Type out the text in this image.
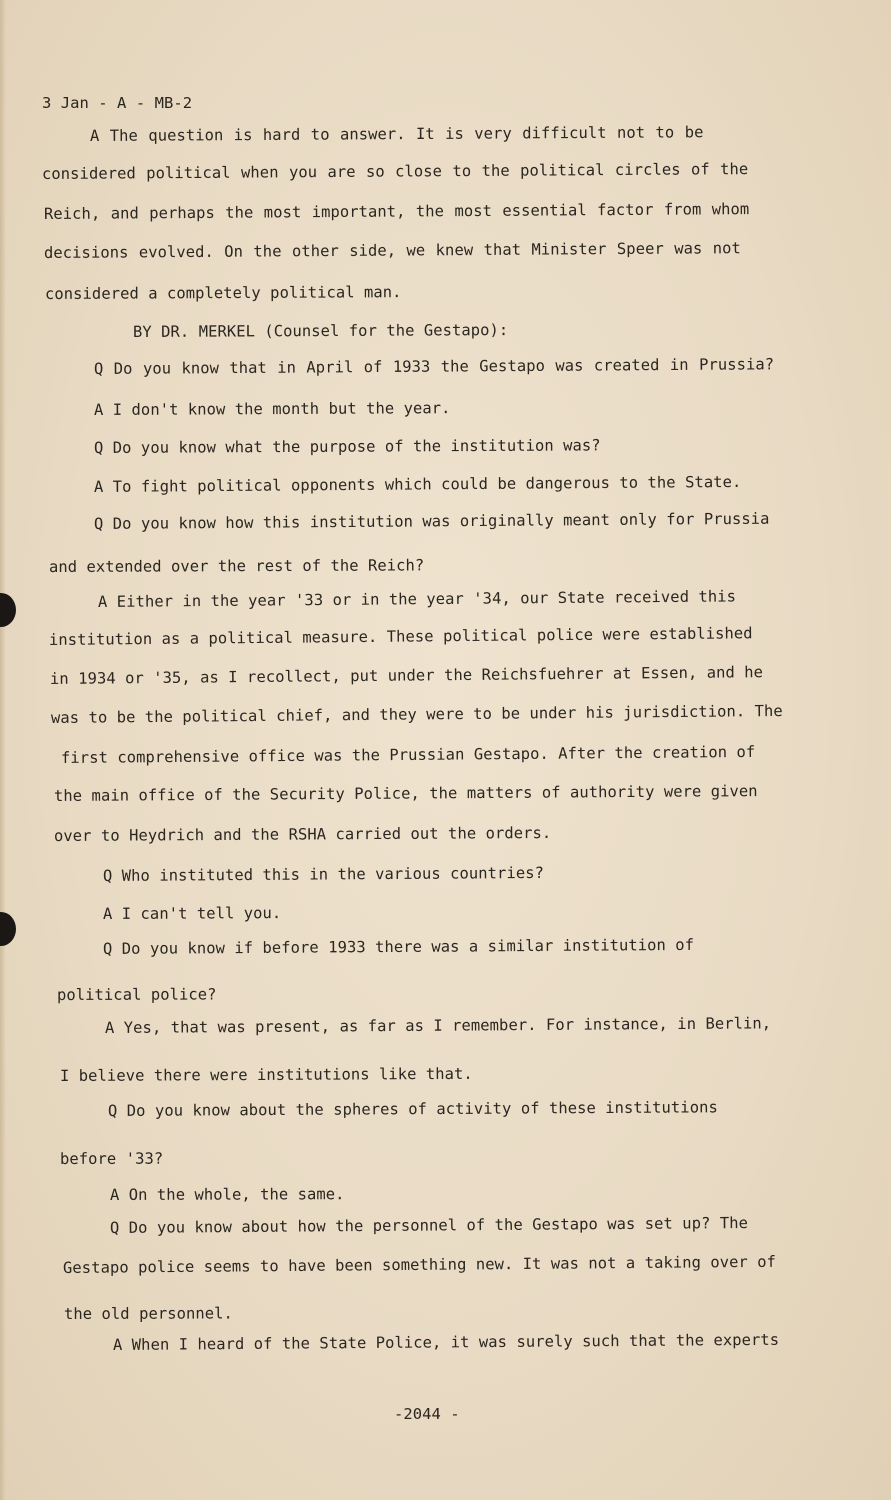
3 Jan - A - MB-2
A The question is hard to answer. It is very difficult not to be
considered political when you are so close to the political circles of the
Reich, and perhaps the most important, the most essential factor from whom
decisions evolved. On the other side, we knew that Minister Speer was not
considered a completely political man.
BY DR. MERKEL (Counsel for the Gestapo):
Q Do you know that in April of 1933 the Gestapo was created in Prussia?
A I don't know the month but the year.
Q Do you know what the purpose of the institution was?
A To fight political opponents which could be dangerous to the State.
Q Do you know how this institution was originally meant only for Prussia
and extended over the rest of the Reich?
A Either in the year '33 or in the year '34, our State received this
institution as a political measure. These political police were established
in 1934 or '35, as I recollect, put under the Reichsfuehrer at Essen, and he
was to be the political chief, and they were to be under his jurisdiction. The
first comprehensive office was the Prussian Gestapo. After the creation of
the main office of the Security Police, the matters of authority were given
over to Heydrich and the RSHA carried out the orders.
Q Who instituted this in the various countries?
A I can't tell you.
Q Do you know if before 1933 there was a similar institution of
political police?
A Yes, that was present, as far as I remember. For instance, in Berlin,
I believe there were institutions like that.
Q Do you know about the spheres of activity of these institutions
before '33?
A On the whole, the same.
Q Do you know about how the personnel of the Gestapo was set up? The
Gestapo police seems to have been something new. It was not a taking over of
the old personnel.
A When I heard of the State Police, it was surely such that the experts
-2044 -
